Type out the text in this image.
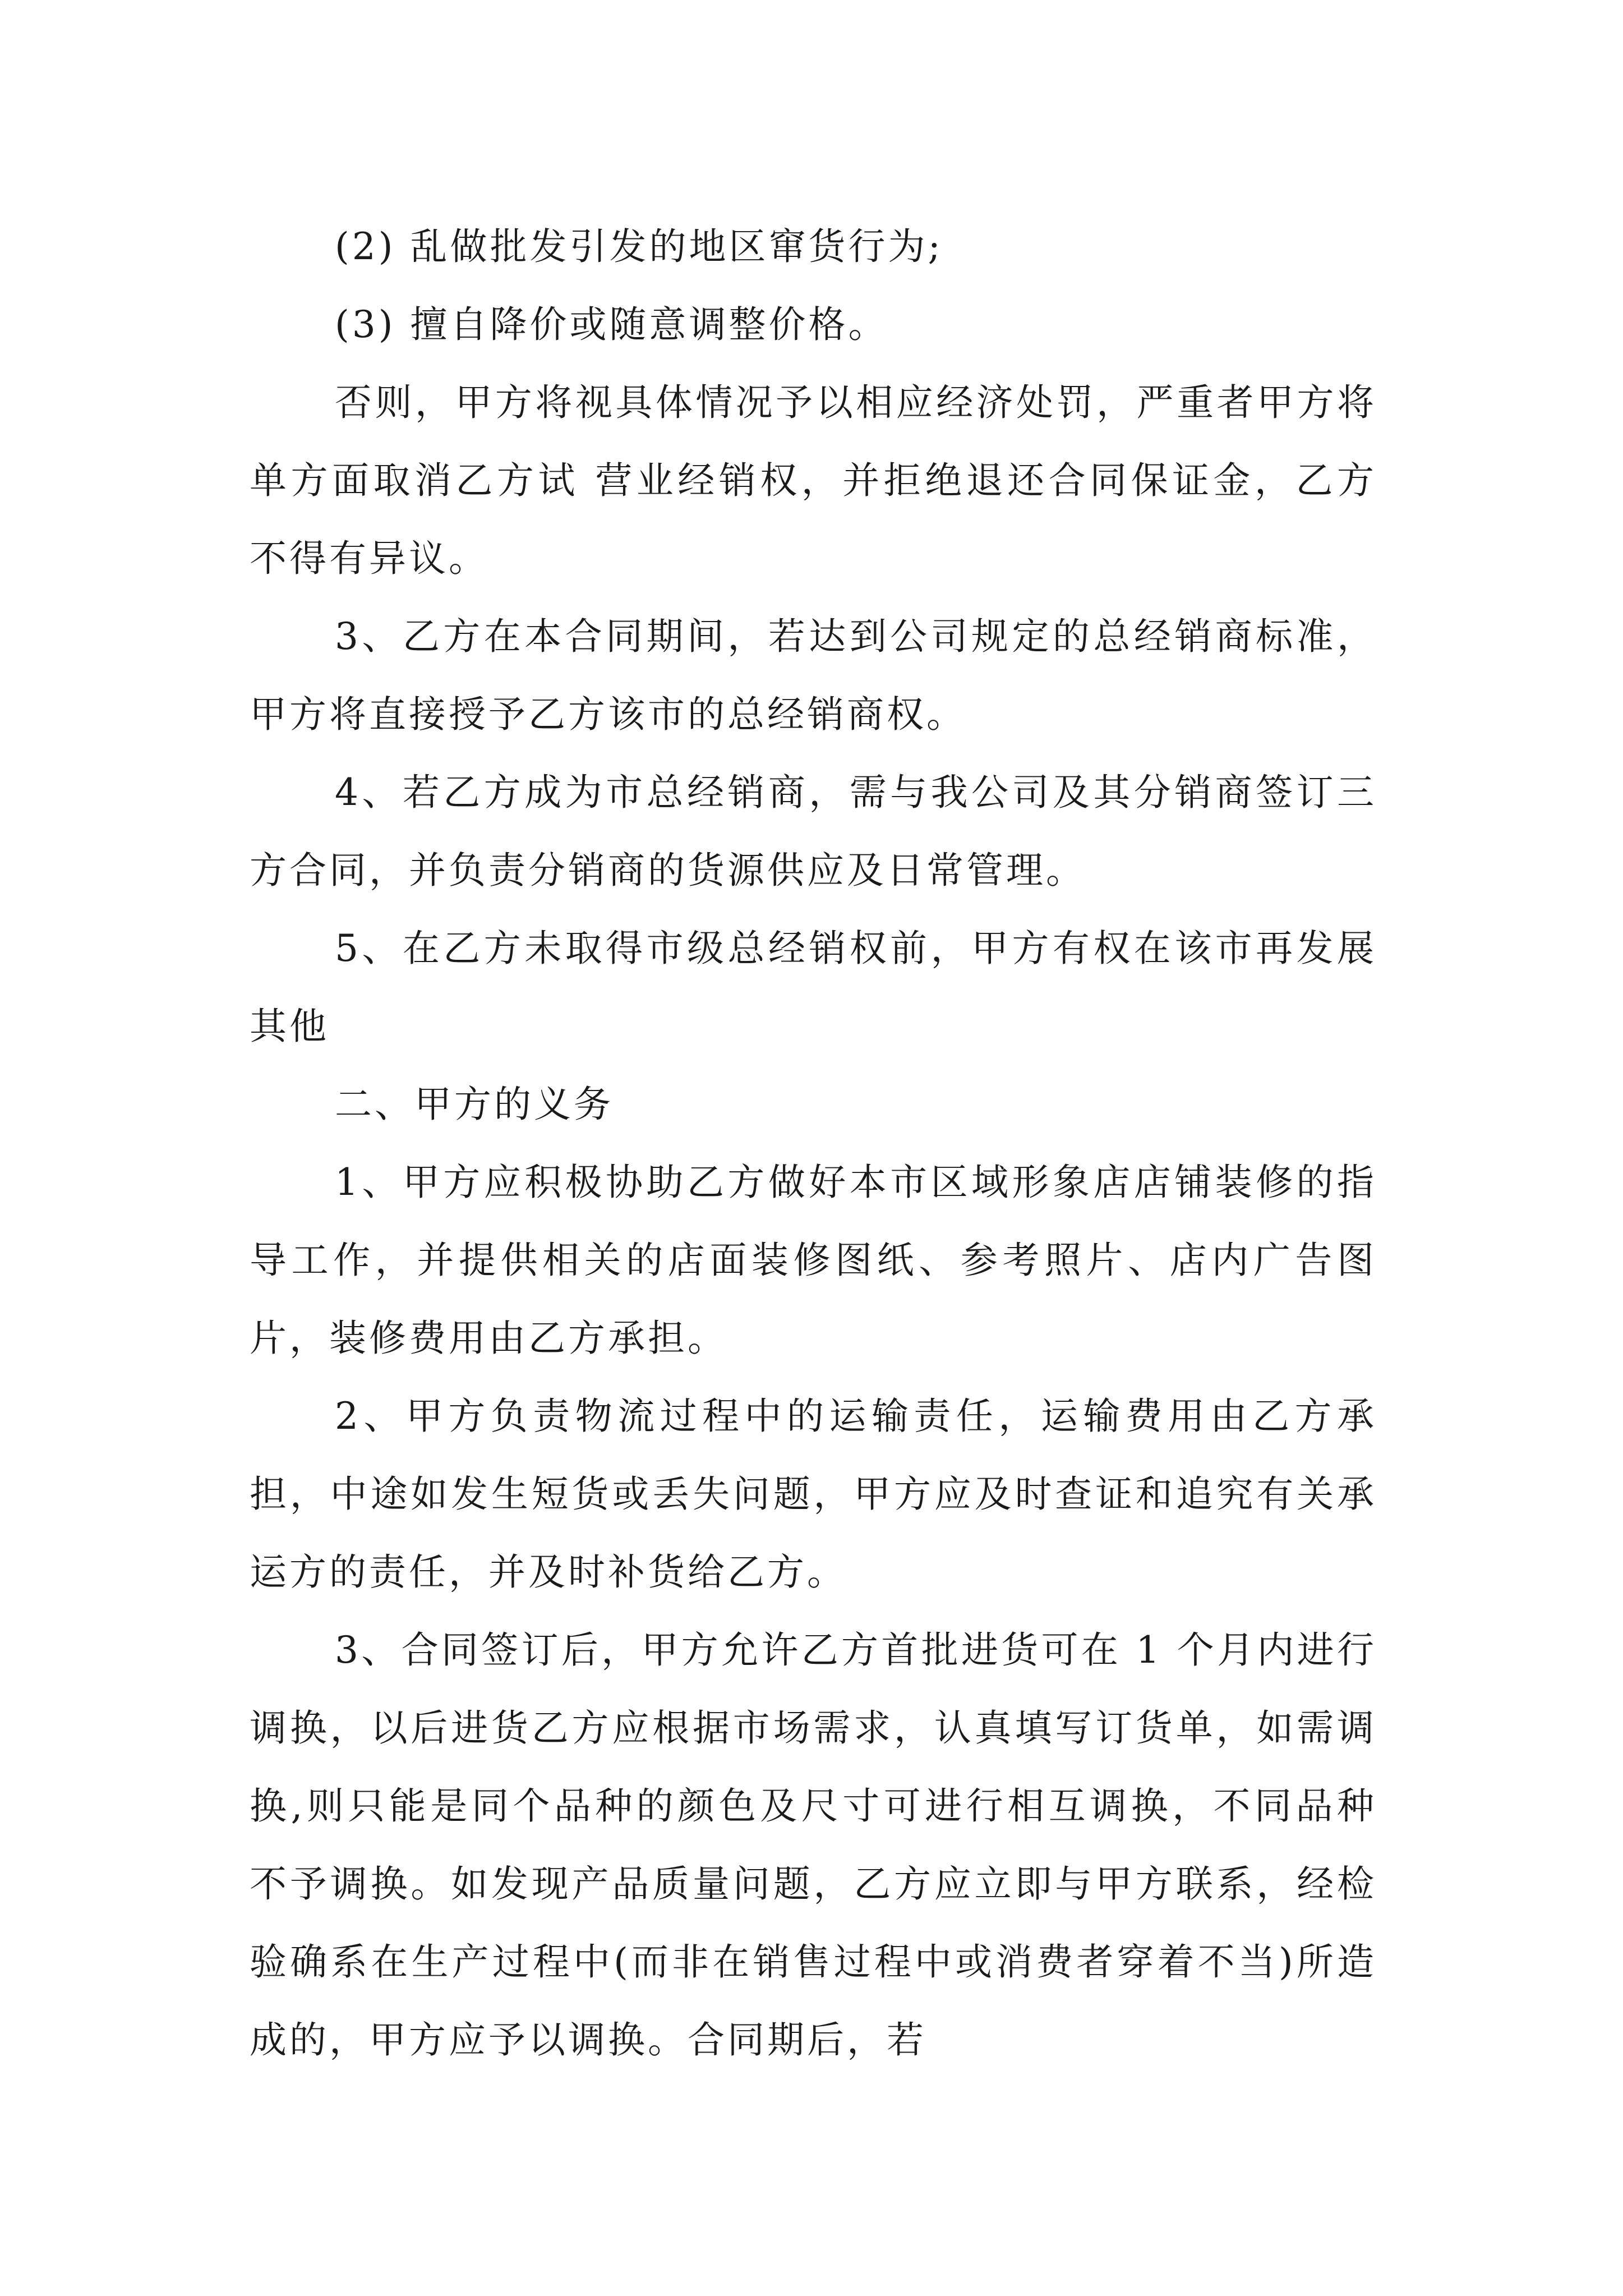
(2) 乱做批发引发的地区窜货行为;

(3) 擅自降价或随意调整价格。

否则，甲方将视具体情况予以相应经济处罚，严重者甲方将单方面取消乙方试 营业经销权，并拒绝退还合同保证金，乙方不得有异议。

3、乙方在本合同期间，若达到公司规定的总经销商标准，甲方将直接授予乙方该市的总经销商权。

4、若乙方成为市总经销商，需与我公司及其分销商签订三方合同，并负责分销商的货源供应及日常管理。

5、在乙方未取得市级总经销权前，甲方有权在该市再发展其他

二、甲方的义务

1、甲方应积极协助乙方做好本市区域形象店店铺装修的指导工作，并提供相关的店面装修图纸、参考照片、店内广告图片，装修费用由乙方承担。

2、甲方负责物流过程中的运输责任，运输费用由乙方承担，中途如发生短货或丢失问题，甲方应及时查证和追究有关承运方的责任，并及时补货给乙方。

3、合同签订后，甲方允许乙方首批进货可在 1 个月内进行调换，以后进货乙方应根据市场需求，认真填写订货单，如需调换,则只能是同个品种的颜色及尺寸可进行相互调换，不同品种不予调换。如发现产品质量问题，乙方应立即与甲方联系，经检验确系在生产过程中(而非在销售过程中或消费者穿着不当)所造成的，甲方应予以调换。合同期后，若
